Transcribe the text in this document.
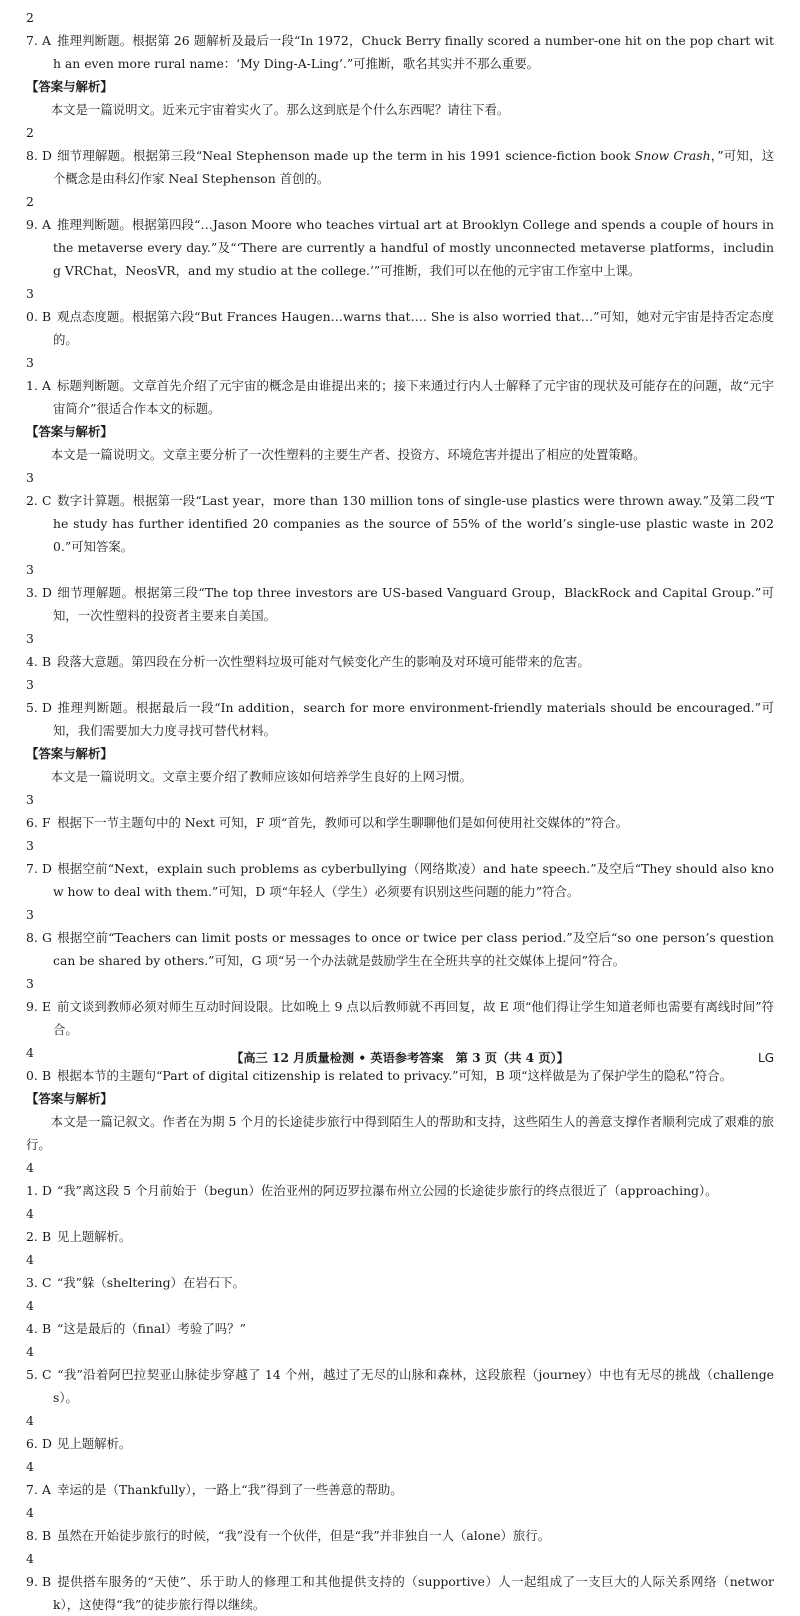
27. A 推理判断题。根据第 26 题解析及最后一段“In 1972，Chuck Berry finally scored a number-one hit on the pop chart with an even more rural name：‘My Ding-A-Ling’.”可推断，歌名其实并不那么重要。
【答案与解析】
本文是一篇说明文。近来元宇宙着实火了。那么这到底是个什么东西呢？请往下看。
28. D 细节理解题。根据第三段“Neal Stephenson made up the term in his 1991 science-fiction book Snow Crash，”可知，这个概念是由科幻作家 Neal Stephenson 首创的。
29. A 推理判断题。根据第四段“…Jason Moore who teaches virtual art at Brooklyn College and spends a couple of hours in the metaverse every day.”及“‘There are currently a handful of mostly unconnected metaverse platforms，including VRChat，NeosVR，and my studio at the college.’”可推断，我们可以在他的元宇宙工作室中上课。
30. B 观点态度题。根据第六段“But Frances Haugen…warns that…. She is also worried that…”可知，她对元宇宙是持否定态度的。
31. A 标题判断题。文章首先介绍了元宇宙的概念是由谁提出来的；接下来通过行内人士解释了元宇宙的现状及可能存在的问题，故“元宇宙简介”很适合作本文的标题。
【答案与解析】
本文是一篇说明文。文章主要分析了一次性塑料的主要生产者、投资方、环境危害并提出了相应的处置策略。
32. C 数字计算题。根据第一段“Last year，more than 130 million tons of single-use plastics were thrown away.”及第二段“The study has further identified 20 companies as the source of 55% of the world’s single-use plastic waste in 2020.”可知答案。
33. D 细节理解题。根据第三段“The top three investors are US-based Vanguard Group，BlackRock and Capital Group.”可知，一次性塑料的投资者主要来自美国。
34. B 段落大意题。第四段在分析一次性塑料垃圾可能对气候变化产生的影响及对环境可能带来的危害。
35. D 推理判断题。根据最后一段“In addition，search for more environment-friendly materials should be encouraged.”可知，我们需要加大力度寻找可替代材料。
【答案与解析】
本文是一篇说明文。文章主要介绍了教师应该如何培养学生良好的上网习惯。
36. F 根据下一节主题句中的 Next 可知，F 项“首先，教师可以和学生聊聊他们是如何使用社交媒体的”符合。
37. D 根据空前“Next，explain such problems as cyberbullying（网络欺凌）and hate speech.”及空后“They should also know how to deal with them.”可知，D 项“年轻人（学生）必须要有识别这些问题的能力”符合。
38. G 根据空前“Teachers can limit posts or messages to once or twice per class period.”及空后“so one person’s question can be shared by others.”可知，G 项“另一个办法就是鼓励学生在全班共享的社交媒体上提问”符合。
39. E 前文谈到教师必须对师生互动时间设限。比如晚上 9 点以后教师就不再回复，故 E 项“他们得让学生知道老师也需要有离线时间”符合。
40. B 根据本节的主题句“Part of digital citizenship is related to privacy.”可知，B 项“这样做是为了保护学生的隐私”符合。
【答案与解析】
本文是一篇记叙文。作者在为期 5 个月的长途徒步旅行中得到陌生人的帮助和支持，这些陌生人的善意支撑作者顺利完成了艰难的旅行。
41. D “我”离这段 5 个月前始于（begun）佐治亚州的阿迈罗拉瀑布州立公园的长途徒步旅行的终点很近了（approaching）。
42. B 见上题解析。
43. C “我”躲（sheltering）在岩石下。
44. B “这是最后的（final）考验了吗？”
45. C “我”沿着阿巴拉契亚山脉徒步穿越了 14 个州，越过了无尽的山脉和森林，这段旅程（journey）中也有无尽的挑战（challenges）。
46. D 见上题解析。
47. A 幸运的是（Thankfully），一路上“我”得到了一些善意的帮助。
48. B 虽然在开始徒步旅行的时候，“我”没有一个伙伴，但是“我”并非独自一人（alone）旅行。
49. B 提供搭车服务的“天使”、乐于助人的修理工和其他提供支持的（supportive）人一起组成了一支巨大的人际关系网络（network），这使得“我”的徒步旅行得以继续。
【高三 12 月质量检测 • 英语参考答案　第 3 页（共 4 页）】	LG
